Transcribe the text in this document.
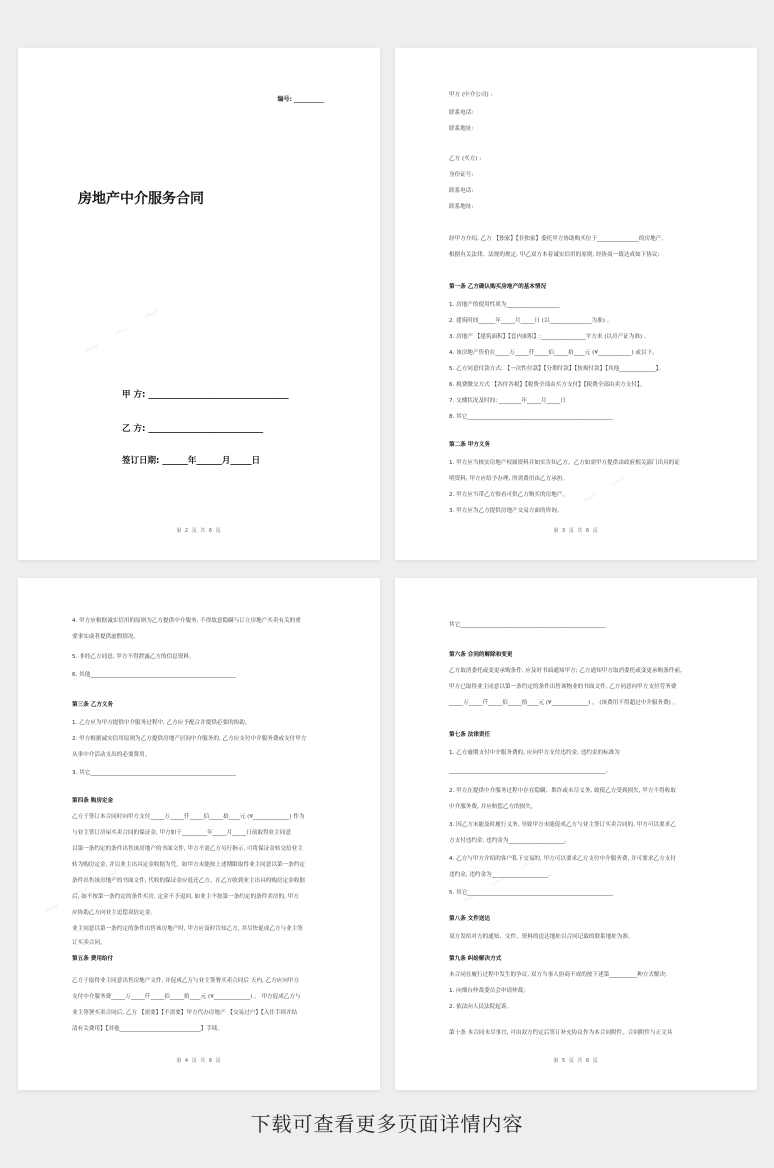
编号: __________
房地产中介服务合同
甲 方: _________________________________
乙 方: ___________________________
签订日期: ______年______月_____日
第 2 页 共 6 页
甲方 (中介公司) :
联系电话:
联系地址:
乙方 (买方) :
身份证号:
联系电话:
联系地址:
经甲方介绍, 乙方 【独家】【非独家】委托甲方协助购买位于_______________的房地产,
根据有关法律、法规的规定, 甲乙双方本着诚实信用的原则, 经协商一致达成如下协议:
第一条 乙方确认购买房地产的基本情况
1. 房地产的使用性质为___________________
2. 建筑时间______年_____月_____日 (以_______________为准) 。
3. 房地产 【建筑面积】【套内面积】:________________平方米 (以房产证为准) 。
4. 该房地产售价在_____万_____仟_____佰_____拾____元 (¥____________) 或以下。
5. 乙方同意付款方式: 【一次性付款】【分期付款】【按揭付款】【其他_____________】。
6. 税费缴交方式 【各付各税】【税费全部由买方支付】【税费全部由卖方支付】。
7. 交楼状况及时间: ________年_____月_____日
8. 其它____________________________________________________
第二条 甲方义务
1. 甲方应当核实房地产权属资料并如实告知乙方。乙方如需甲方提供由政府相关部门出具的证
明资料, 甲方应给予办理, 所需费用由乙方承担。
2. 甲方应当带乙方察看可供乙方购买的房地产。
3. 甲方应为乙方提供房地产交易方面的咨询。
第 3 页 共 6 页
4. 甲方应根据诚实信用的原则为乙方提供中介服务, 不得故意隐瞒与订立房地产买卖有关的重
要事实或者提供虚假情况。
5. 非经乙方同意, 甲方不得泄露乙方的信息资料。
6. 其他____________________________________________________
第三条 乙方义务
1. 乙方应为甲方提供中介服务过程中, 乙方应予配合并提供必要的协助。
2. 甲方根据诚实信用原则为乙方提供房地产居间中介服务的, 乙方应支付中介服务费或支付甲方
从事中介活动支出的必要费用。
3. 其它____________________________________________________
第四条 购房定金
乙方于签订本合同时向甲方支付_____万_____仟_____佰_____拾____元 (¥_____________) 作为
与业主签订房屋买卖合同的保证金, 甲方如于_________年_____月_____日前取得业主同意
以第一条约定的条件出售该房地产的书面文件, 甲方不需乙方另行指示, 可将保证金转交给业主
转为购房定金, 并以业主出具定金收据为凭。如甲方未能按上述期限取得业主同意以第一条约定
条件出售该房地产的书面文件, 代收的保证金应退还乙方。在乙方收到业主出具的购房定金收据
后, 如不按第一条约定的条件买房, 定金不予退回, 如业主不按第一条约定的条件卖房的, 甲方
应协助乙方向业主追偿双倍定金。
业主同意以第一条约定的条件出售该房地产时, 甲方应及时告知乙方, 并尽快促成乙方与业主签
订买卖合同。
第五条 费用给付
乙方于取得业主同意出售房地产文件, 并促成乙方与业主签署买卖合同后 天内, 乙方应向甲方
支付中介服务费_____万_____仟_____佰_____拾____元 (¥_____________) 。 甲方促成乙方与
业主签署买卖合同后, 乙方 【需要】【不需要】甲方代办房地产 【交易过户】【入住手续并结
清有关费用】【其他_____________________________】手续。
第 4 页 共 6 页
其它____________________________________________________
第六条 合同的解除和变更
乙方取消委托或变更承购条件, 应及时书面通知甲方; 乙方通知甲方取消委托或变更承购条件前,
甲方已取得业主同意以第一条约定的条件出售该物业的书面文件, 乙方同意向甲方支付劳务费
_____万_____仟_____佰_____拾____元 (¥_____________) 。 (该费用不得超过中介服务费) 。
第七条 法律责任
1. 乙方逾期支付中介服务费的, 应向甲方支付违约金, 违约金的标准为
________________________________________________________。
2. 甲方在提供中介服务过程中存在隐瞒、欺诈或未尽义务, 致使乙方受到损失, 甲方不得收取
中介服务费, 并应赔偿乙方的损失。
3. 因乙方未能及时履行义务, 导致甲方未能促成乙方与业主签订买卖合同的, 甲方可以要求乙
方支付违约金, 违约金为____________________。
4. 乙方与甲方介绍的客户私下交易的, 甲方可以要求乙方支付中介服务费, 并可要求乙方支付
违约金, 违约金为____________________。
5. 其它____________________________________________________
第八条 文件送达
双方发给对方的通知、文件、资料的送达地址以合同记载的联系地址为准。
第九条 纠纷解决方式
本合同在履行过程中发生的争议, 双方当事人协商不成的按下述第__________种方式解决:
1. 向烟台仲裁委员会申请仲裁;
2. 依法向人民法院起诉。
第十条 本合同未尽事宜, 可由双方约定后签订补充协议作为本合同附件。合同附件与正文具
第 5 页 共 6 页
下载可查看更多页面详情内容
